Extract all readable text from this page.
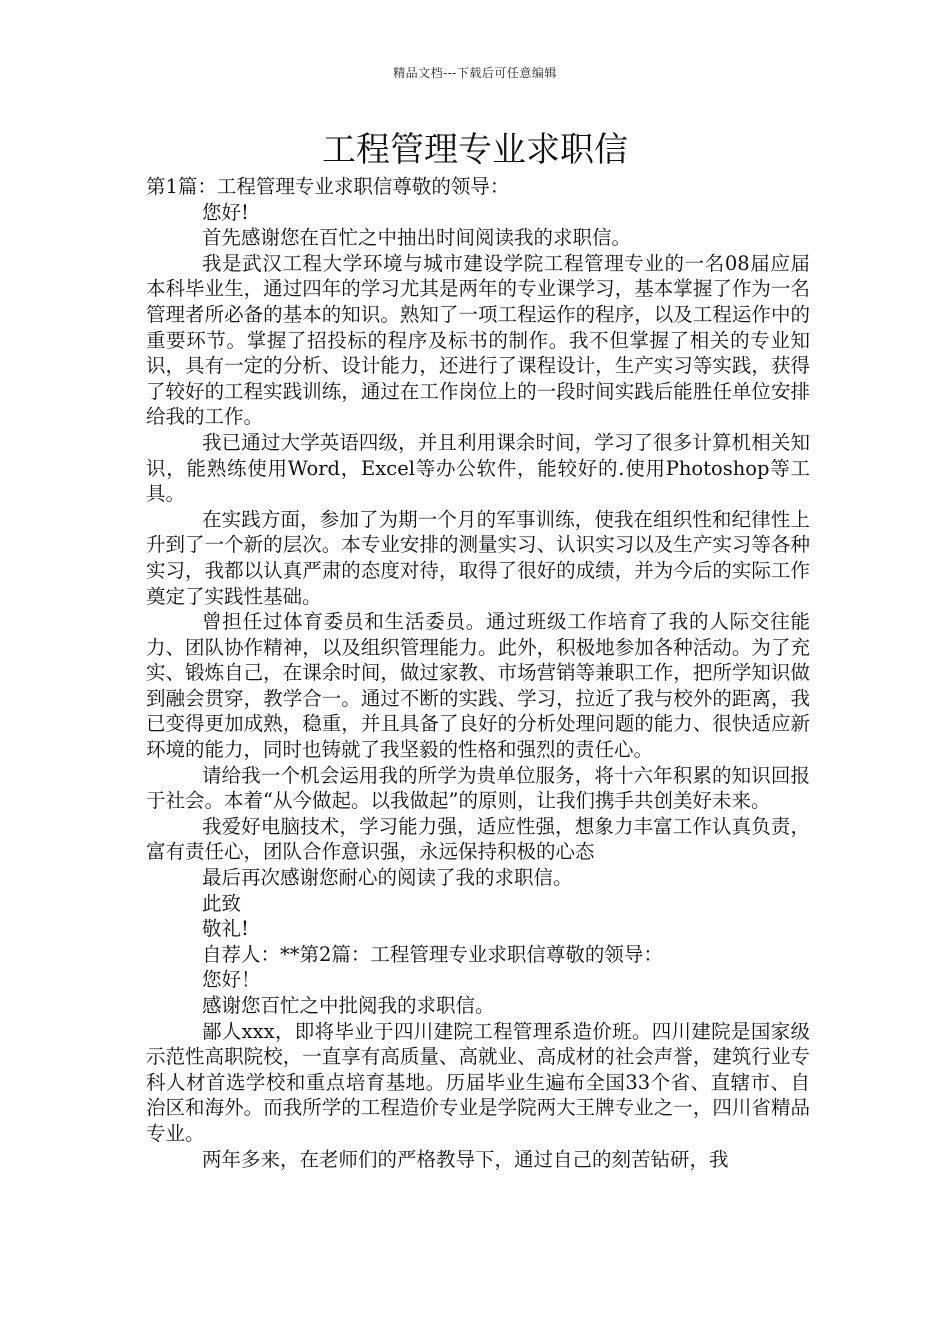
精品文档---下载后可任意编辑
工程管理专业求职信

第1篇：工程管理专业求职信尊敬的领导：

您好!

首先感谢您在百忙之中抽出时间阅读我的求职信。

我是武汉工程大学环境与城市建设学院工程管理专业的一名08届应届本科毕业生，通过四年的学习尤其是两年的专业课学习，基本掌握了作为一名管理者所必备的基本的知识。熟知了一项工程运作的程序，以及工程运作中的重要环节。掌握了招投标的程序及标书的制作。我不但掌握了相关的专业知识，具有一定的分析、设计能力，还进行了课程设计，生产实习等实践，获得了较好的工程实践训练，通过在工作岗位上的一段时间实践后能胜任单位安排给我的工作。

我已通过大学英语四级，并且利用课余时间，学习了很多计算机相关知识，能熟练使用Word，Excel等办公软件，能较好的.使用Photoshop等工具。

在实践方面，参加了为期一个月的军事训练，使我在组织性和纪律性上升到了一个新的层次。本专业安排的测量实习、认识实习以及生产实习等各种实习，我都以认真严肃的态度对待，取得了很好的成绩，并为今后的实际工作奠定了实践性基础。

曾担任过体育委员和生活委员。通过班级工作培育了我的人际交往能力、团队协作精神，以及组织管理能力。此外，积极地参加各种活动。为了充实、锻炼自己，在课余时间，做过家教、市场营销等兼职工作，把所学知识做到融会贯穿，教学合一。通过不断的实践、学习，拉近了我与校外的距离，我已变得更加成熟，稳重，并且具备了良好的分析处理问题的能力、很快适应新环境的能力，同时也铸就了我坚毅的性格和强烈的责任心。

请给我一个机会运用我的所学为贵单位服务，将十六年积累的知识回报于社会。本着“从今做起。以我做起”的原则，让我们携手共创美好未来。

我爱好电脑技术，学习能力强，适应性强，想象力丰富工作认真负责，富有责任心，团队合作意识强，永远保持积极的心态

最后再次感谢您耐心的阅读了我的求职信。

此致

敬礼!

自荐人：**第2篇：工程管理专业求职信尊敬的领导：

您好！

感谢您百忙之中批阅我的求职信。

鄙人xxx，即将毕业于四川建院工程管理系造价班。四川建院是国家级示范性高职院校，一直享有高质量、高就业、高成材的社会声誉，建筑行业专科人材首选学校和重点培育基地。历届毕业生遍布全国33个省、直辖市、自治区和海外。而我所学的工程造价专业是学院两大王牌专业之一，四川省精品专业。

两年多来，在老师们的严格教导下，通过自己的刻苦钻研，我
